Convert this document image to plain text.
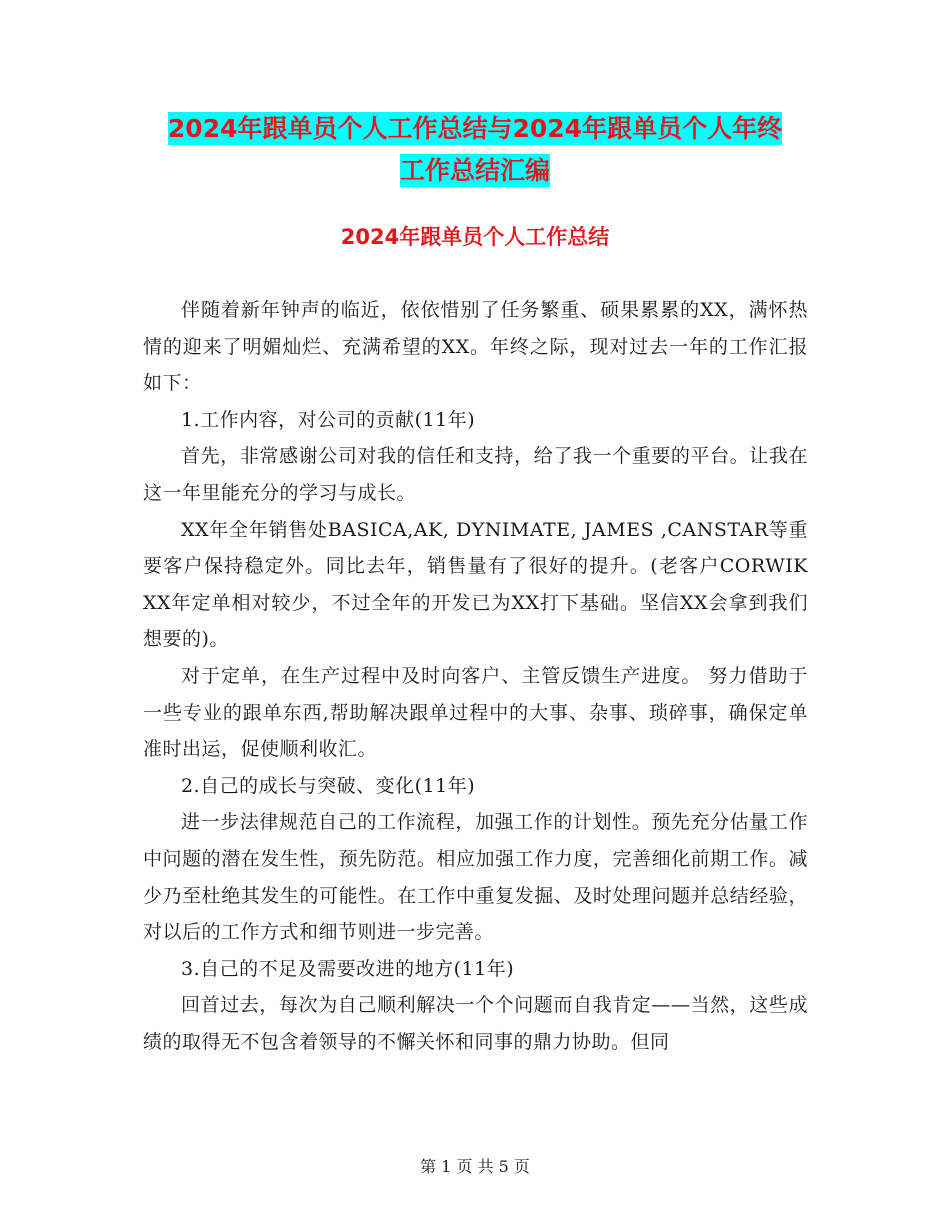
2024年跟单员个人工作总结与2024年跟单员个人年终
工作总结汇编
2024年跟单员个人工作总结

伴随着新年钟声的临近，依依惜别了任务繁重、硕果累累的XX，满怀热情的迎来了明媚灿烂、充满希望的XX。年终之际，现对过去一年的工作汇报如下：

1.工作内容，对公司的贡献(11年)

首先，非常感谢公司对我的信任和支持，给了我一个重要的平台。让我在这一年里能充分的学习与成长。

XX年全年销售处BASICA,AK, DYNIMATE, JAMES ,CANSTAR等重要客户保持稳定外。同比去年，销售量有了很好的提升。(老客户CORWIK XX年定单相对较少，不过全年的开发已为XX打下基础。坚信XX会拿到我们想要的)。

对于定单，在生产过程中及时向客户、主管反馈生产进度。 努力借助于一些专业的跟单东西,帮助解决跟单过程中的大事、杂事、琐碎事，确保定单准时出运，促使顺利收汇。

2.自己的成长与突破、变化(11年)

进一步法律规范自己的工作流程，加强工作的计划性。预先充分估量工作中问题的潜在发生性，预先防范。相应加强工作力度，完善细化前期工作。减少乃至杜绝其发生的可能性。在工作中重复发掘、及时处理问题并总结经验，对以后的工作方式和细节则进一步完善。

3.自己的不足及需要改进的地方(11年)

回首过去，每次为自己顺利解决一个个问题而自我肯定——当然，这些成绩的取得无不包含着领导的不懈关怀和同事的鼎力协助。但同

第 1 页 共 5 页
